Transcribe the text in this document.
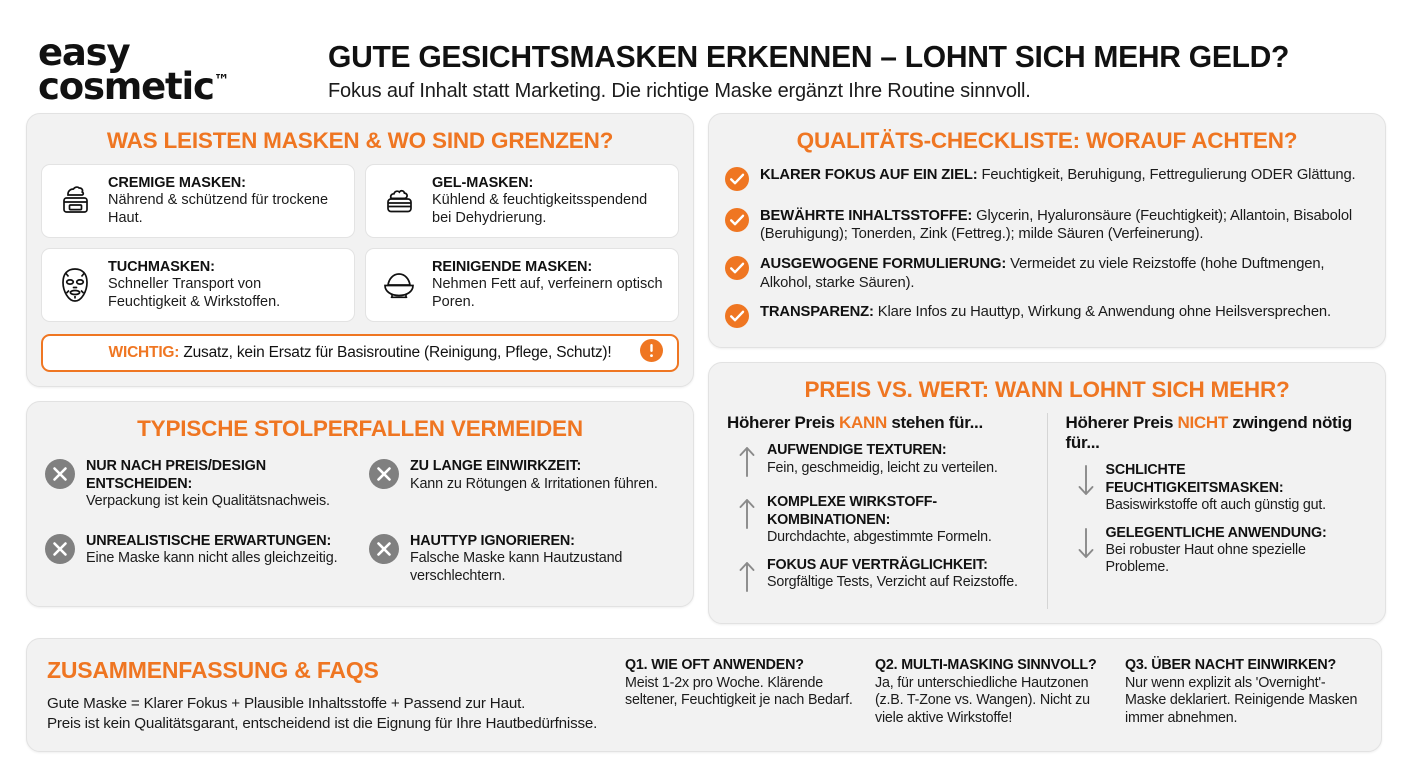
easy
cosmetic™
GUTE GESICHTSMASKEN ERKENNEN – LOHNT SICH MEHR GELD?
Fokus auf Inhalt statt Marketing. Die richtige Maske ergänzt Ihre Routine sinnvoll.
WAS LEISTEN MASKEN & WO SIND GRENZEN?
CREMIGE MASKEN:
Nährend & schützend für trockene Haut.
GEL-MASKEN:
Kühlend & feuchtigkeitsspendend bei Dehydrierung.
TUCHMASKEN:
Schneller Transport von Feuchtigkeit & Wirkstoffen.
REINIGENDE MASKEN:
Nehmen Fett auf, verfeinern optisch Poren.
WICHTIG: Zusatz, kein Ersatz für Basisroutine (Reinigung, Pflege, Schutz)!
TYPISCHE STOLPERFALLEN VERMEIDEN
NUR NACH PREIS/DESIGN ENTSCHEIDEN:
Verpackung ist kein Qualitätsnachweis.
ZU LANGE EINWIRKZEIT:
Kann zu Rötungen & Irritationen führen.
UNREALISTISCHE ERWARTUNGEN:
Eine Maske kann nicht alles gleichzeitig.
HAUTTYP IGNORIEREN:
Falsche Maske kann Hautzustand verschlechtern.
QUALITÄTS-CHECKLISTE: WORAUF ACHTEN?
KLARER FOKUS AUF EIN ZIEL: Feuchtigkeit, Beruhigung, Fettregulierung ODER Glättung.
BEWÄHRTE INHALTSSTOFFE: Glycerin, Hyaluronsäure (Feuchtigkeit); Allantoin, Bisabolol (Beruhigung); Tonerden, Zink (Fettreg.); milde Säuren (Verfeinerung).
AUSGEWOGENE FORMULIERUNG: Vermeidet zu viele Reizstoffe (hohe Duftmengen, Alkohol, starke Säuren).
TRANSPARENZ: Klare Infos zu Hauttyp, Wirkung & Anwendung ohne Heilsversprechen.
PREIS VS. WERT: WANN LOHNT SICH MEHR?
Höherer Preis KANN stehen für...
AUFWENDIGE TEXTUREN:
Fein, geschmeidig, leicht zu verteilen.
KOMPLEXE WIRKSTOFF-KOMBINATIONEN:
Durchdachte, abgestimmte Formeln.
FOKUS AUF VERTRÄGLICHKEIT:
Sorgfältige Tests, Verzicht auf Reizstoffe.
Höherer Preis NICHT zwingend nötig für...
SCHLICHTE FEUCHTIGKEITSMASKEN:
Basiswirkstoffe oft auch günstig gut.
GELEGENTLICHE ANWENDUNG:
Bei robuster Haut ohne spezielle Probleme.
ZUSAMMENFASSUNG & FAQS

Gute Maske = Klarer Fokus + Plausible Inhaltsstoffe + Passend zur Haut.
Preis ist kein Qualitätsgarant, entscheidend ist die Eignung für Ihre Hautbedürfnisse.

Q1. WIE OFT ANWENDEN?
Meist 1-2x pro Woche. Klärende seltener, Feuchtigkeit je nach Bedarf.
Q2. MULTI-MASKING SINNVOLL?
Ja, für unterschiedliche Hautzonen (z.B. T-Zone vs. Wangen). Nicht zu viele aktive Wirkstoffe!
Q3. ÜBER NACHT EINWIRKEN?
Nur wenn explizit als 'Overnight'-Maske deklariert. Reinigende Masken immer abnehmen.
